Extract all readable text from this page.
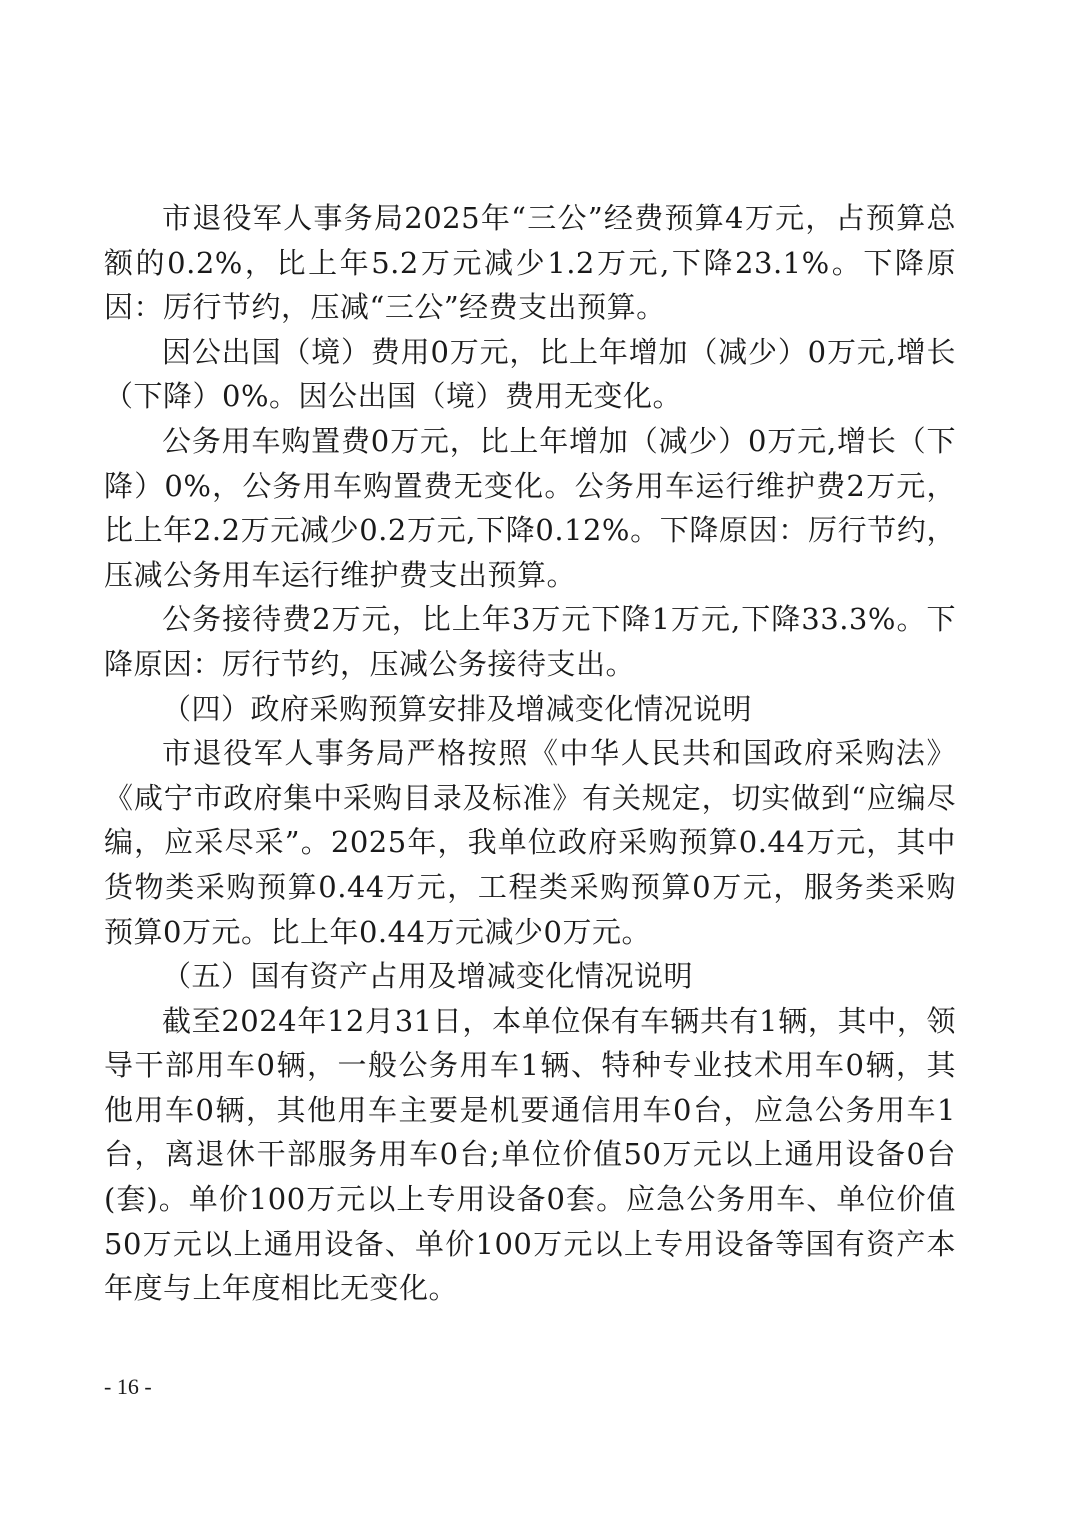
市退役军人事务局2025年“三公”经费预算4万元，占预算总额的0.2%，比上年5.2万元减少1.2万元,下降23.1%。下降原因：厉行节约，压减“三公”经费支出预算。

因公出国（境）费用0万元，比上年增加（减少）0万元,增长（下降）0%。因公出国（境）费用无变化。

公务用车购置费0万元，比上年增加（减少）0万元,增长（下降）0%，公务用车购置费无变化。公务用车运行维护费2万元，比上年2.2万元减少0.2万元,下降0.12%。下降原因：厉行节约，压减公务用车运行维护费支出预算。

公务接待费2万元，比上年3万元下降1万元,下降33.3%。下降原因：厉行节约，压减公务接待支出。

（四）政府采购预算安排及增减变化情况说明

市退役军人事务局严格按照《中华人民共和国政府采购法》《咸宁市政府集中采购目录及标准》有关规定，切实做到“应编尽编，应采尽采”。2025年，我单位政府采购预算0.44万元，其中货物类采购预算0.44万元，工程类采购预算0万元，服务类采购预算0万元。比上年0.44万元减少0万元。

（五）国有资产占用及增减变化情况说明

截至2024年12月31日，本单位保有车辆共有1辆，其中，领导干部用车0辆，一般公务用车1辆、特种专业技术用车0辆，其他用车0辆，其他用车主要是机要通信用车0台，应急公务用车1台，离退休干部服务用车0台;单位价值50万元以上通用设备0台(套)。单价100万元以上专用设备0套。应急公务用车、单位价值50万元以上通用设备、单价100万元以上专用设备等国有资产本年度与上年度相比无变化。

- 16 -
